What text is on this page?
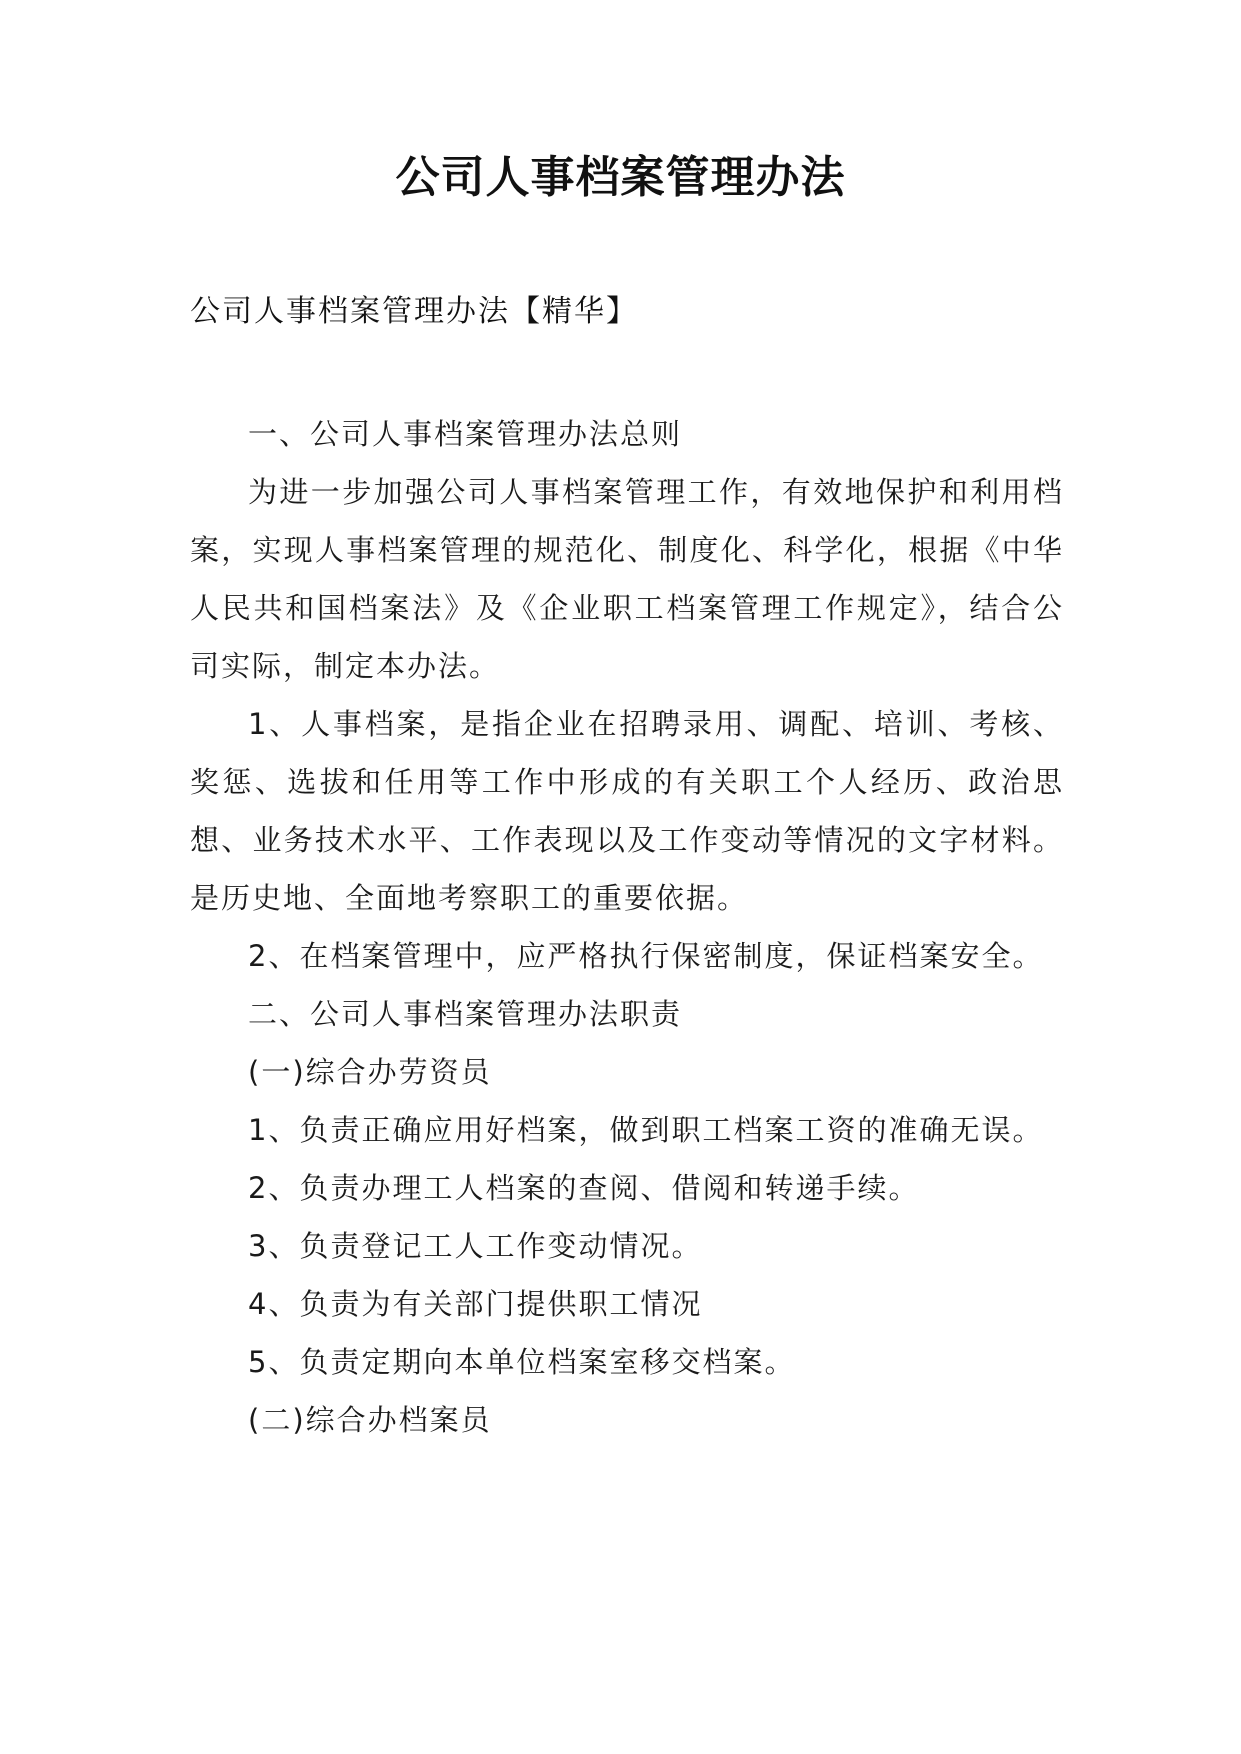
公司人事档案管理办法
公司人事档案管理办法【精华】

一、公司人事档案管理办法总则

为进一步加强公司人事档案管理工作，有效地保护和利用档案，实现人事档案管理的规范化、制度化、科学化，根据《中华人民共和国档案法》及《企业职工档案管理工作规定》，结合公司实际，制定本办法。

1、人事档案，是指企业在招聘录用、调配、培训、考核、奖惩、选拔和任用等工作中形成的有关职工个人经历、政治思想、业务技术水平、工作表现以及工作变动等情况的文字材料。是历史地、全面地考察职工的重要依据。

2、在档案管理中，应严格执行保密制度，保证档案安全。

二、公司人事档案管理办法职责

(一)综合办劳资员

1、负责正确应用好档案，做到职工档案工资的准确无误。

2、负责办理工人档案的查阅、借阅和转递手续。

3、负责登记工人工作变动情况。

4、负责为有关部门提供职工情况

5、负责定期向本单位档案室移交档案。

(二)综合办档案员
